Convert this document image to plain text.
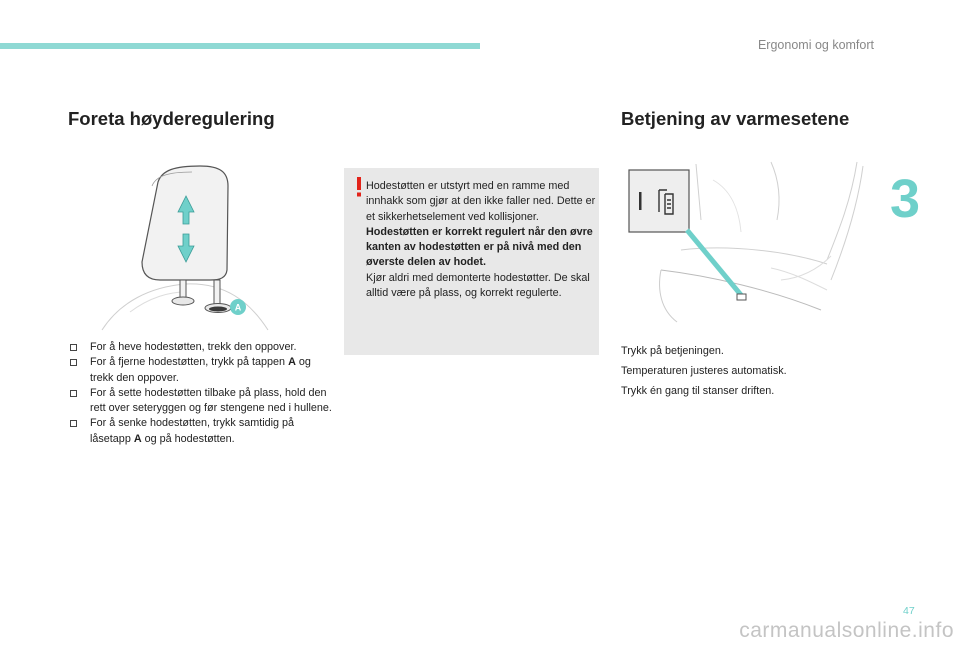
Ergonomi og komfort
3
Foreta høyderegulering	Betjening av varmesetene
A

Hodestøtten er utstyrt med en ramme med innhakk som gjør at den ikke faller ned. Dette er et sikkerhetselement ved kollisjoner.

Hodestøtten er korrekt regulert når den øvre kanten av hodestøtten er på nivå med den øverste delen av hodet.

Kjør aldri med demonterte hodestøtter. De skal alltid være på plass, og korrekt regulerte.

For å heve hodestøtten, trekk den oppover.
For å fjerne hodestøtten, trykk på tappen A og trekk den oppover.
For å sette hodestøtten tilbake på plass, hold den rett over seteryggen og før stengene ned i hullene.
For å senke hodestøtten, trykk samtidig på låsetapp A og på hodestøtten.

Trykk på betjeningen.

Temperaturen justeres automatisk.

Trykk én gang til stanser driften.

47
carmanualsonline.info
